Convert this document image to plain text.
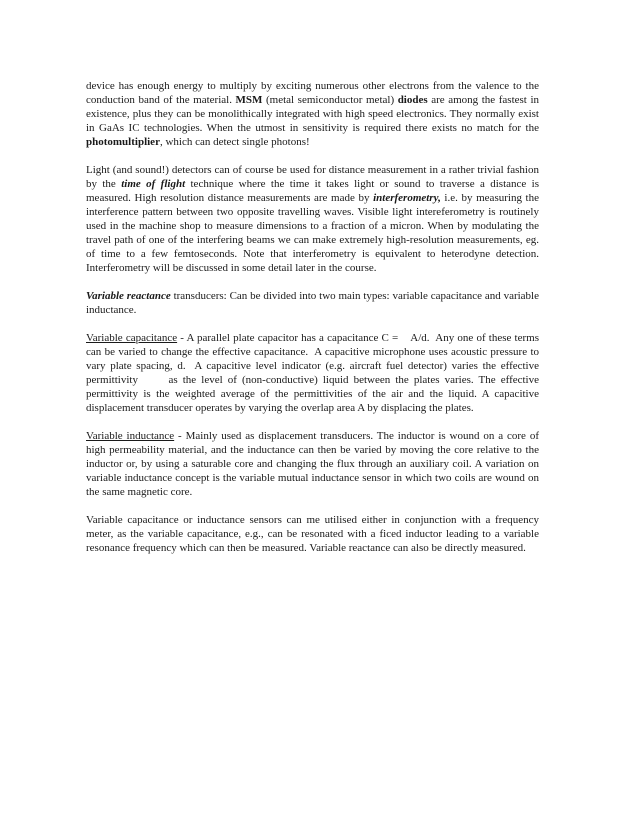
device has enough energy to multiply by exciting numerous other electrons from the valence to the conduction band of the material. MSM (metal semiconductor metal) diodes are among the fastest in existence, plus they can be monolithically integrated with high speed electronics. They normally exist in GaAs IC technologies. When the utmost in sensitivity is required there exists no match for the photomultiplier, which can detect single photons!

Light (and sound!) detectors can of course be used for distance measurement in a rather trivial fashion by the time of flight technique where the time it takes light or sound to traverse a distance is measured. High resolution distance measurements are made by interferometry, i.e. by measuring the interference pattern between two opposite travelling waves. Visible light intereferometry is routinely used in the machine shop to measure dimensions to a fraction of a micron. When by modulating the travel path of one of the interfering beams we can make extremely high-resolution measurements, eg. of time to a few femtoseconds. Note that interferometry is equivalent to heterodyne detection. Interferometry will be discussed in some detail later in the course.

Variable reactance transducers: Can be divided into two main types: variable capacitance and variable inductance.

Variable capacitance - A parallel plate capacitor has a capacitance C =    A/d.  Any one of these terms can be varied to change the effective capacitance.  A capacitive microphone uses acoustic pressure to vary plate spacing, d.  A capacitive level indicator (e.g. aircraft fuel detector) varies the effective permittivity      as the level of (non-conductive) liquid between the plates varies. The effective permittivity is the weighted average of the permittivities of the air and the liquid. A capacitive displacement transducer operates by varying the overlap area A by displacing the plates.

Variable inductance - Mainly used as displacement transducers. The inductor is wound on a core of high permeability material, and the inductance can then be varied by moving the core relative to the inductor or, by using a saturable core and changing the flux through an auxiliary coil. A variation on variable inductance concept is the variable mutual inductance sensor in which two coils are wound on the same magnetic core.

Variable capacitance or inductance sensors can me utilised either in conjunction with a frequency meter, as the variable capacitance, e.g., can be resonated with a ficed inductor leading to a variable resonance frequency which can then be measured. Variable reactance can also be directly measured.
